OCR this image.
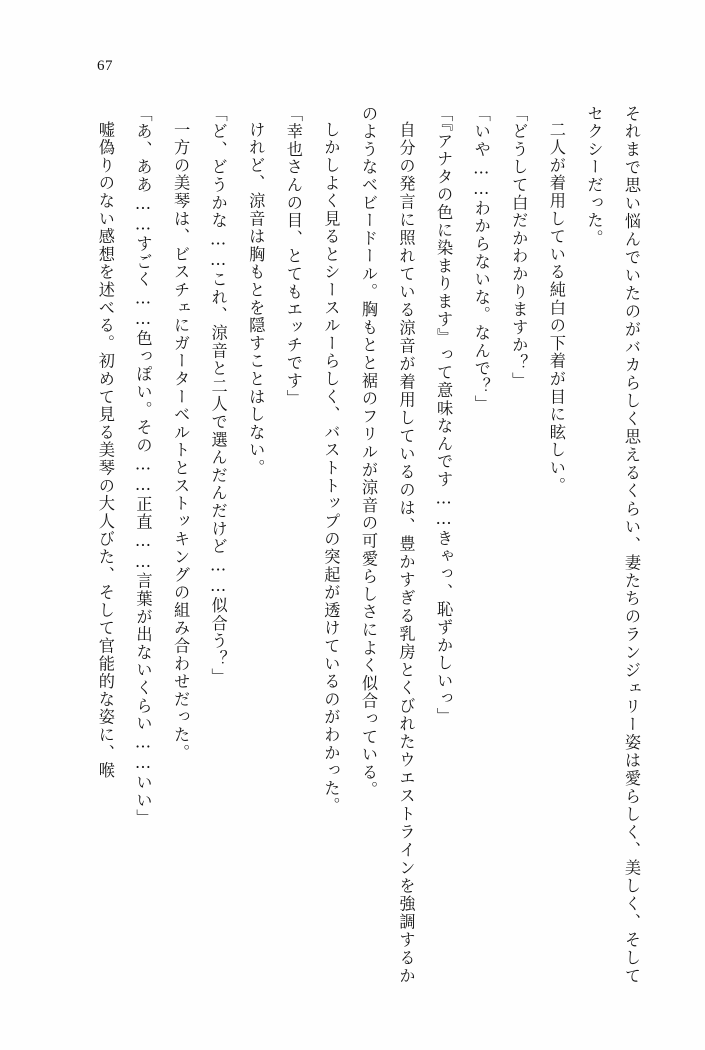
67

それまで思い悩んでいたのがバカらしく思えるくらい、妻たちのランジェリー姿は愛らしく、美しく、そしてセクシーだった。

二人が着用している純白の下着が目に眩しい。

「どうして白だかわかりますか？」

「いや……わからないな。なんで？」

「『アナタの色に染まります』って意味なんです……きゃっ、恥ずかしいっ」

自分の発言に照れている涼音が着用しているのは、豊かすぎる乳房とくびれたウエストラインを強調するかのようなベビードール。胸もとと裾のフリルが涼音の可愛らしさによく似合っている。

しかしよく見るとシースルーらしく、バストトップの突起が透けているのがわかった。

「幸也さんの目、とてもエッチです」

けれど、涼音は胸もとを隠すことはしない。

「ど、どうかな……これ、涼音と二人で選んだんだけど……似合う？」

一方の美琴は、ビスチェにガーターベルトとストッキングの組み合わせだった。

「あ、ああ……すごく……色っぽい。その……正直……言葉が出ないくらい……いい」

嘘偽りのない感想を述べる。初めて見る美琴の大人びた、そして官能的な姿に、喉
